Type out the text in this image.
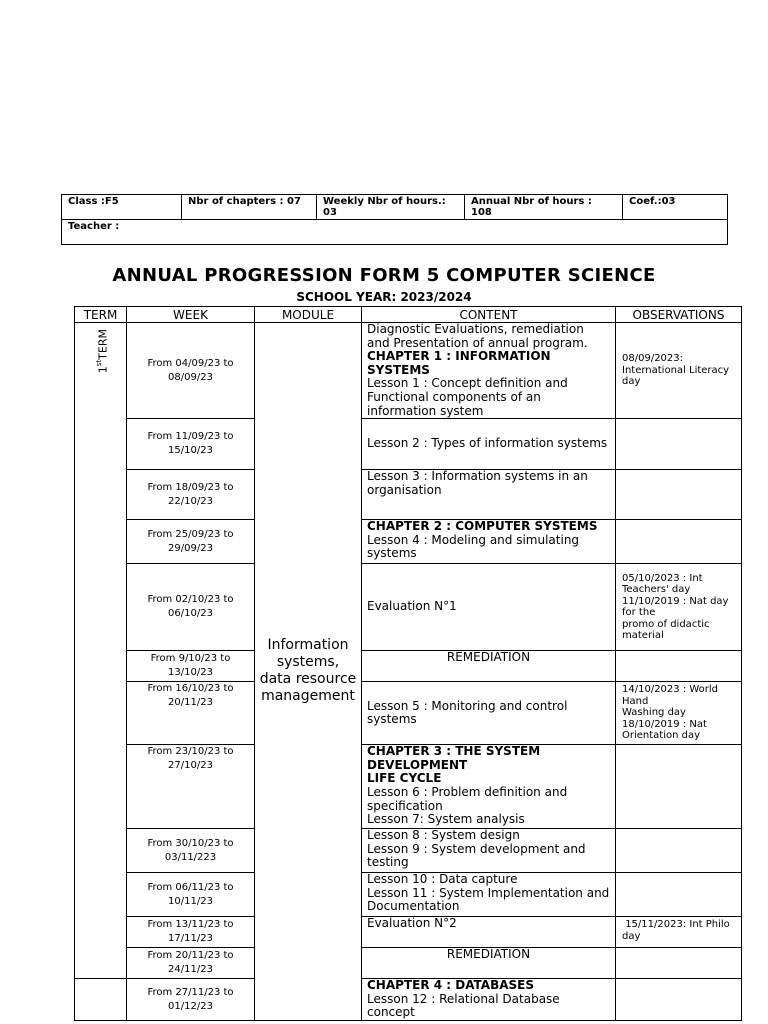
Class :F5	Nbr of chapters : 07	Weekly Nbr of hours.: 03	Annual Nbr of hours : 108	Coef.:03
Teacher :
ANNUAL PROGRESSION FORM 5 COMPUTER SCIENCE
SCHOOL YEAR: 2023/2024
TERM	WEEK	MODULE	CONTENT	OBSERVATIONS

1stTERM	From 04/09/23 to 08/09/23	Information systems, data resource management	Diagnostic Evaluations, remediation and Presentation of annual program.
CHAPTER 1 : INFORMATION SYSTEMS
Lesson 1 : Concept definition and Functional components of an information system	08/09/2023: International Literacy day
	From 11/09/23 to 15/10/23		Lesson 2 : Types of information systems	
	From 18/09/23 to 22/10/23		Lesson 3 : Information systems in an organisation	
	From 25/09/23 to 29/09/23		CHAPTER 2 : COMPUTER SYSTEMS
Lesson 4 : Modeling and simulating systems	

	From 02/10/23 to 06/10/23		Evaluation N°1	05/10/2023 : Int Teachers' day
11/10/2019 : Nat day for the
promo of didactic material

	From 9/10/23 to 13/10/23		REMEDIATION	
	From 16/10/23 to 20/11/23		Lesson 5 : Monitoring and control systems	14/10/2023 : World Hand
Washing day
18/10/2019 : Nat Orientation day

	From 23/10/23 to 27/10/23		CHAPTER 3 : THE SYSTEM DEVELOPMENT
LIFE CYCLE
Lesson 6 : Problem definition and specification
Lesson 7: System analysis	

	From 30/10/23 to 03/11/223		Lesson 8 : System design
Lesson 9 : System development and testing	

	From 06/11/23 to 10/11/23		Lesson 10 : Data capture
Lesson 11 : System Implementation and Documentation	

	From 13/11/23 to 17/11/23		Evaluation N°2	15/11/2023: Int Philo day
	From 20/11/23 to 24/11/23		REMEDIATION	
	From 27/11/23 to 01/12/23		CHAPTER 4 : DATABASES
Lesson 12 : Relational Database concept	
